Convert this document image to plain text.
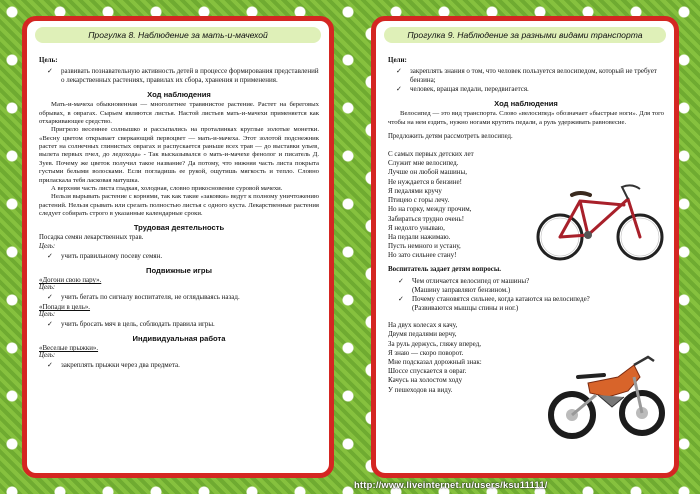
Прогулка 8. Наблюдение за мать-и-мачехой
Цель:
✓	развивать познавательную активность детей в процессе формирования представлений о лекарственных растениях, правилах их сбора, хранения и применения.
Ход наблюдения

Мать-и-мачеха обыкновенная — многолетнее травянистое растение. Растет на береговых обрывах, в оврагах. Сырьем являются листья. Настой листьев мать-и-мачехи применяется как отхаркивающее средство.

Пригрело весеннее солнышко и рассыпались на проталинках круглые золотые монетки. «Весну цветом открывает сверкающий первоцвет — мать-и-мачеха. Этот золотой подснежник растет на солнечных глинистых оврагах и распускается раньше всех трав — до выставки ульев, вылета первых пчел, до ледохода» - Так высказывался о мать-и-мачехе фенолог и писатель Д. Зуев. Почему же цветок получил такое название? Да потому, что нижняя часть листа покрыта густыми белыми волосками. Если погладишь ее рукой, ощутишь мягкость и тепло. Словно приласкала тебя ласковая матушка.

А верхняя часть листа гладкая, холодная, словно прикосновение суровой мачехи.

Нельзя вырывать растение с корнями, так как такие «заковки» ведут к полному уничтожению растений. Нельзя срывать или срезать полностью листья с одного куста. Лекарственные растения следует собирать строго в указанные календарные сроки.

Трудовая деятельность

Посадка семян лекарственных трав.

Цель:

✓	учить правильному посеву семян.
Подвижные игры

«Догони свою пару».

Цель:

✓	учить бегать по сигналу воспитателя, не оглядываясь назад.

«Попади в цель».

Цель:

✓	учить бросать мяч в цель, соблюдать правила игры.
Индивидуальная работа

«Веселые прыжки».

Цель:

✓	закреплять прыжки через два предмета.
Прогулка 9. Наблюдение за разными видами транспорта
Цели:
✓	закреплять знания о том, что человек пользуется велосипедом, который не требует бензина;
✓	человек, вращая педали, передвигается.
Ход наблюдения

Велосипед — это вид транспорта. Слово «велосипед» обозначает «быстрые ноги». Для того чтобы на нем ездить, нужно ногами крутить педали, а руль удерживать равновесие.

Предложить детям рассмотреть велосипед.

С самых первых детских лет

Служит мне велосипед.

Лучше он любой машины,

Не нуждается в бензине!

Я педалями кручу

Птицею с горы лечу.

Но на горку, между прочим,

Забираться трудно очень!

Я недолго унываю,

На педали нажимаю.

Пусть немного и устану,

Но зато сильнее стану!

Воспитатель задает детям вопросы.

✓	Чем отличается велосипед от машины?
(Машину заправляют бензином.)
✓	Почему становятся сильнее, когда катаются на велосипеде?
(Развиваются мышцы спины и ног.)

На двух колесах я качу,

Двумя педалями верчу,

За руль держусь, гляжу вперед,

Я знаю — скоро поворот.

Мне подсказал дорожный знак:

Шоссе спускается в овраг.

Качусь на холостом ходу

У пешеходов на виду.

http://www.liveinternet.ru/users/ksu11111/
